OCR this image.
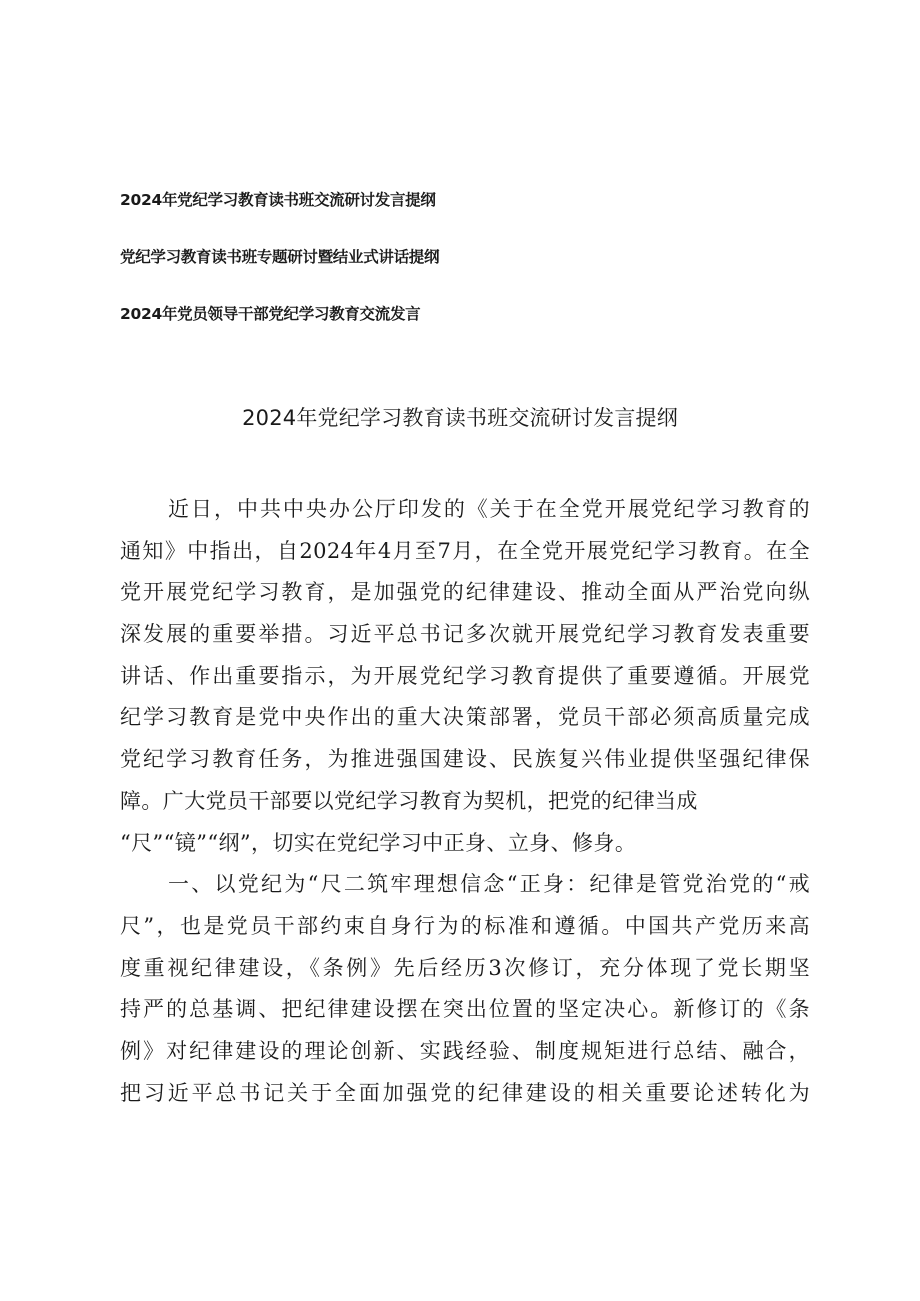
2024年党纪学习教育读书班交流研讨发言提纲
党纪学习教育读书班专题研讨暨结业式讲话提纲
2024年党员领导干部党纪学习教育交流发言
2024年党纪学习教育读书班交流研讨发言提纲
近日，中共中央办公厅印发的《关于在全党开展党纪学习教育的
通知》中指出，自2024年4月至7月，在全党开展党纪学习教育。在全
党开展党纪学习教育，是加强党的纪律建设、推动全面从严治党向纵
深发展的重要举措。习近平总书记多次就开展党纪学习教育发表重要
讲话、作出重要指示，为开展党纪学习教育提供了重要遵循。开展党
纪学习教育是党中央作出的重大决策部署，党员干部必须高质量完成
党纪学习教育任务，为推进强国建设、民族复兴伟业提供坚强纪律保
障。广大党员干部要以党纪学习教育为契机，把党的纪律当成
“尺”“镜”“纲”，切实在党纪学习中正身、立身、修身。
一、以党纪为“尺二筑牢理想信念“正身：纪律是管党治党的“戒
尺”，也是党员干部约束自身行为的标准和遵循。中国共产党历来高
度重视纪律建设，《条例》先后经历3次修订，充分体现了党长期坚
持严的总基调、把纪律建设摆在突出位置的坚定决心。新修订的《条
例》对纪律建设的理论创新、实践经验、制度规矩进行总结、融合，
把习近平总书记关于全面加强党的纪律建设的相关重要论述转化为
